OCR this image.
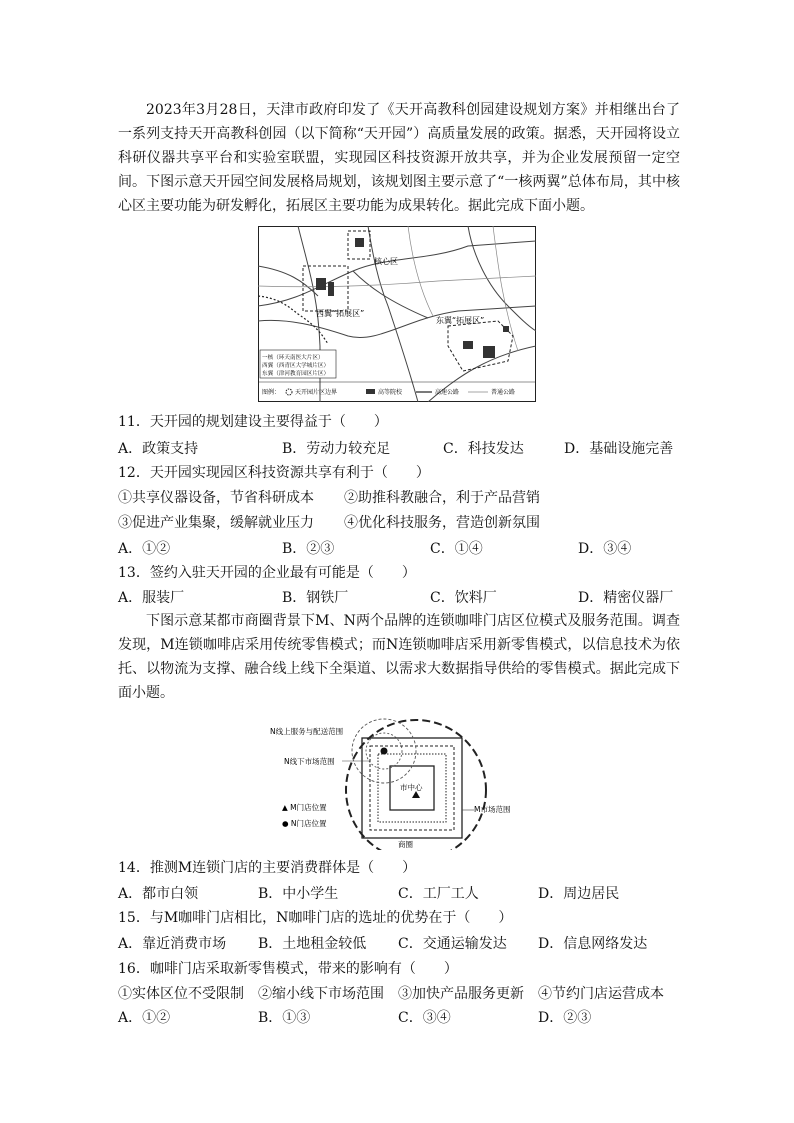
2023年3月28日，天津市政府印发了《天开高教科创园建设规划方案》并相继出台了一系列支持天开高教科创园（以下简称“天开园”）高质量发展的政策。据悉，天开园将设立科研仪器共享平台和实验室联盟，实现园区科技资源开放共享，并为企业发展预留一定空间。下图示意天开园空间发展格局规划，该规划图主要示意了“一核两翼”总体布局，其中核心区主要功能为研发孵化，拓展区主要功能为成果转化。据此完成下面小题。

核心区
西翼“拓展区”
东翼“拓展区”
一核（环天南医大片区）
西翼（西青区大学城片区）
东翼（津河教育园区片区）
图例： 天开园片区边界	高等院校	高速公路	普通公路
11．天开园的规划建设主要得益于（　　）
A．政策支持	B．劳动力较充足	C．科技发达	D．基础设施完善
12．天开园实现园区科技资源共享有利于（　　）
①共享仪器设备，节省科研成本 ②助推科教融合，利于产品营销
③促进产业集聚，缓解就业压力 ④优化科技服务，营造创新氛围
A．①②	B．②③	C．①④	D．③④
13．签约入驻天开园的企业最有可能是（　　）
A．服装厂	B．钢铁厂	C．饮料厂	D．精密仪器厂

下图示意某都市商圈背景下M、N两个品牌的连锁咖啡门店区位模式及服务范围。调查发现，M连锁咖啡店采用传统零售模式；而N连锁咖啡店采用新零售模式，以信息技术为依托、以物流为支撑、融合线上线下全渠道、以需求大数据指导供给的零售模式。据此完成下面小题。

市中心
N线上服务与配送范围
N线下市场范围
▲ M门店位置
● N门店位置
M市场范围
商圈
14．推测M连锁门店的主要消费群体是（　　）
A．都市白领	B．中小学生	C．工厂工人	D．周边居民
15．与M咖啡门店相比，N咖啡门店的选址的优势在于（　　）
A．靠近消费市场 B．土地租金较低 C．交通运输发达 D．信息网络发达
16．咖啡门店采取新零售模式，带来的影响有（　　）
①实体区位不受限制 ②缩小线下市场范围 ③加快产品服务更新 ④节约门店运营成本
A．①②	B．①③	C．③④	D．②③
